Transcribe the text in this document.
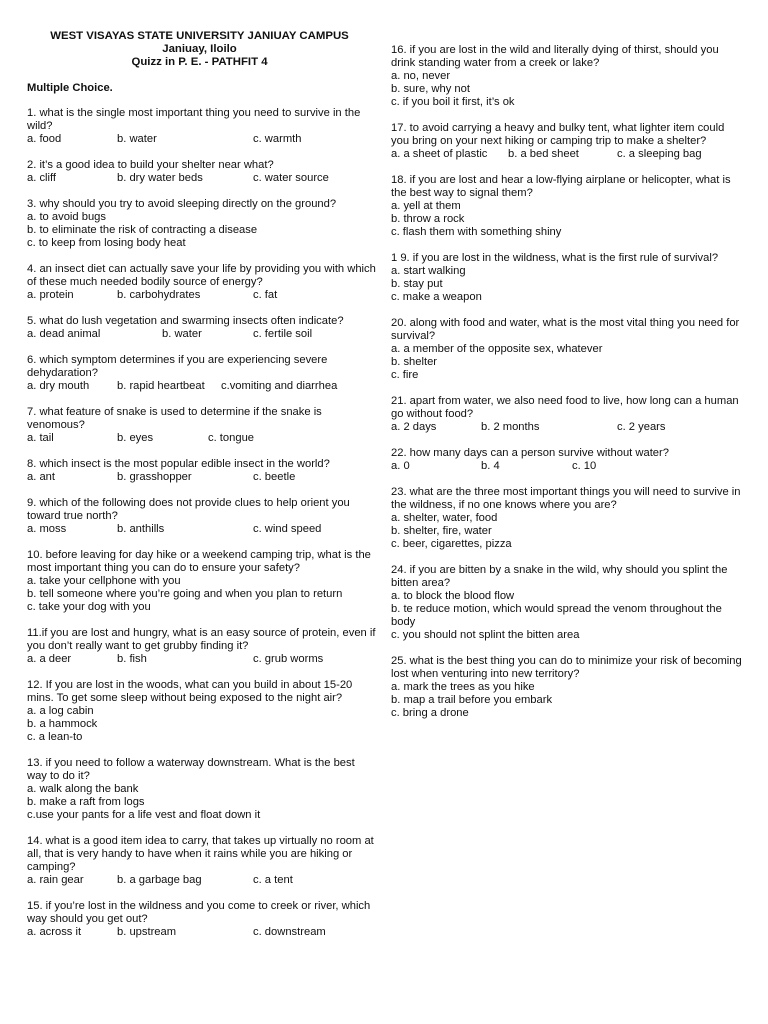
WEST VISAYAS STATE UNIVERSITY JANIUAY CAMPUS
Janiuay, Iloilo
Quizz in P. E. - PATHFIT 4
Multiple Choice.
1. what is the single most important thing you need to survive in the wild?
a. food	b. water	c. warmth
2. it’s a good idea to build your shelter near what?
a. cliff	b. dry water beds	c. water source
3. why should you try to avoid sleeping directly on the ground?
a. to avoid bugs
b. to eliminate the risk of contracting a disease
c. to keep from losing body heat
4. an insect diet can actually save your life by providing you with which of these much needed bodily source of energy?
a. protein	b. carbohydrates	c. fat
5. what do lush vegetation and swarming insects often indicate?
a. dead animal	b. water	c. fertile soil
6. which symptom determines if you are experiencing severe dehydaration?
a. dry mouth b. rapid heartbeat c.vomiting and diarrhea
7. what feature of snake is used to determine if the snake is venomous?
a. tail	b. eyes	c. tongue
8. which insect is the most popular edible insect in the world?
a. ant	b. grasshopper	c. beetle
9. which of the following does not provide clues to help orient you toward true north?
a. moss	b. anthills	c. wind speed
10. before leaving for day hike or a weekend camping trip, what is the most important thing you can do to ensure your safety?
a. take your cellphone with you
b. tell someone where you’re going and when you plan to return
c. take your dog with you
11.if you are lost and hungry, what is an easy source of protein, even if you don’t really want to get grubby finding it?
a. a deer	b. fish	c. grub worms
12. If you are lost in the woods, what can you build in about 15-20 mins. To get some sleep without being exposed to the night air?
a. a log cabin
b. a hammock
c. a lean-to
13. if you need to follow a waterway downstream. What is the best way to do it?
a. walk along the bank
b. make a raft from logs
c.use your pants for a life vest and float down it
14. what is a good item idea to carry, that takes up virtually no room at all, that is very handy to have when it rains while you are hiking or camping?
a. rain gear	b. a garbage bag	c. a tent
15. if you’re lost in the wildness and you come to creek or river, which way should you get out?
a. across it	b. upstream	c. downstream
16. if you are lost in the wild and literally dying of thirst, should you drink standing water from a creek or lake?
a. no, never
b. sure, why not
c. if you boil it first, it’s ok
17. to avoid carrying a heavy and bulky tent, what lighter item could you bring on your next hiking or camping trip to make a shelter?
a. a sheet of plastic b. a bed sheet	c. a sleeping bag
18. if you are lost and hear a low-flying airplane or helicopter, what is the best way to signal them?
a. yell at them
b. throw a rock
c. flash them with something shiny
1 9. if you are lost in the wildness, what is the first rule of survival?
a. start walking
b. stay put
c. make a weapon
20. along with food and water, what is the most vital thing you need for survival?
a. a member of the opposite sex, whatever
b. shelter
c. fire
21. apart from water, we also need food to live, how long can a human go without food?
a. 2 days	b. 2 months	c. 2 years
22. how many days can a person survive without water?
a. 0	b. 4	c. 10
23. what are the three most important things you will need to survive in the wildness, if no one knows where you are?
a. shelter, water, food
b. shelter, fire, water
c. beer, cigarettes, pizza
24. if you are bitten by a snake in the wild, why should you splint the bitten area?
a. to block the blood flow
b. te reduce motion, which would spread the venom throughout the body
c. you should not splint the bitten area
25. what is the best thing you can do to minimize your risk of becoming lost when venturing into new territory?
a. mark the trees as you hike
b. map a trail before you embark
c. bring a drone
